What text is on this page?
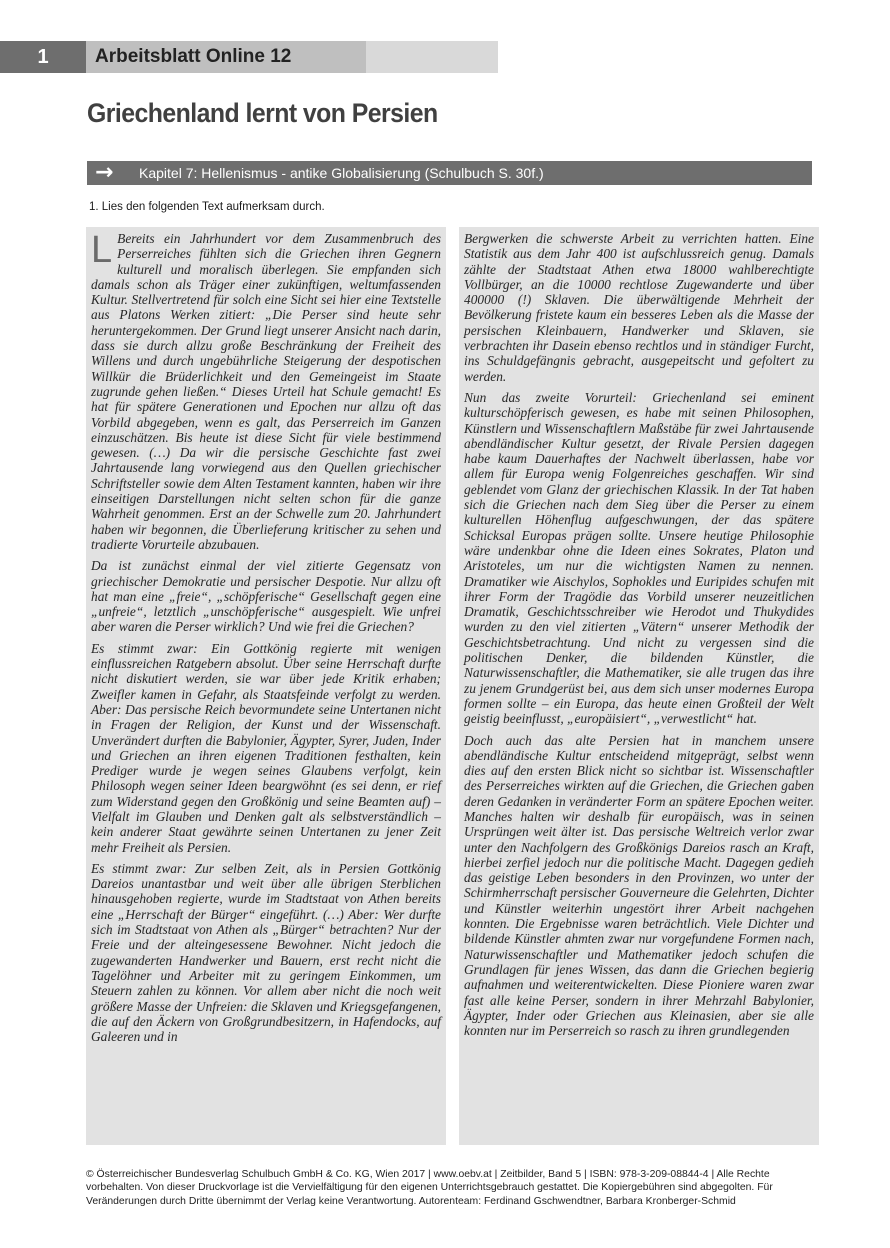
1	Arbeitsblatt Online 12
Griechenland lernt von Persien
→ Kapitel 7: Hellenismus - antike Globalisierung (Schulbuch S. 30f.)
1. Lies den folgenden Text aufmerksam durch.

L Bereits ein Jahrhundert vor dem Zusammenbruch des Perserreiches fühlten sich die Griechen ihren Gegnern kulturell und moralisch überlegen. Sie empfanden sich damals schon als Träger einer zukünftigen, weltumfassenden Kultur. Stellvertretend für solch eine Sicht sei hier eine Textstelle aus Platons Werken zitiert: „Die Perser sind heute sehr heruntergekommen. Der Grund liegt unserer Ansicht nach darin, dass sie durch allzu große Beschränkung der Freiheit des Willens und durch ungebührliche Steigerung der despotischen Willkür die Brüderlichkeit und den Gemeingeist im Staate zugrunde gehen ließen.“ Dieses Urteil hat Schule gemacht! Es hat für spätere Generationen und Epochen nur allzu oft das Vorbild abgegeben, wenn es galt, das Perserreich im Ganzen einzuschätzen. Bis heute ist diese Sicht für viele bestimmend gewesen. (…) Da wir die persische Geschichte fast zwei Jahrtausende lang vorwiegend aus den Quellen griechischer Schriftsteller sowie dem Alten Testament kannten, haben wir ihre einseitigen Darstellungen nicht selten schon für die ganze Wahrheit genommen. Erst an der Schwelle zum 20. Jahrhundert haben wir begonnen, die Überlieferung kritischer zu sehen und tradierte Vorurteile abzubauen.

Da ist zunächst einmal der viel zitierte Gegensatz von griechischer Demokratie und persischer Despotie. Nur allzu oft hat man eine „freie“, „schöpferische“ Gesellschaft gegen eine „unfreie“, letztlich „unschöpferische“ ausgespielt. Wie unfrei aber waren die Perser wirklich? Und wie frei die Griechen?

Es stimmt zwar: Ein Gottkönig regierte mit wenigen einflussreichen Ratgebern absolut. Über seine Herrschaft durfte nicht diskutiert werden, sie war über jede Kritik erhaben; Zweifler kamen in Gefahr, als Staatsfeinde verfolgt zu werden. Aber: Das persische Reich bevormundete seine Untertanen nicht in Fragen der Religion, der Kunst und der Wissenschaft. Unverändert durften die Babylonier, Ägypter, Syrer, Juden, Inder und Griechen an ihren eigenen Traditionen festhalten, kein Prediger wurde je wegen seines Glaubens verfolgt, kein Philosoph wegen seiner Ideen beargwöhnt (es sei denn, er rief zum Widerstand gegen den Großkönig und seine Beamten auf) – Vielfalt im Glauben und Denken galt als selbstverständlich – kein anderer Staat gewährte seinen Untertanen zu jener Zeit mehr Freiheit als Persien.

Es stimmt zwar: Zur selben Zeit, als in Persien Gottkönig Dareios unantastbar und weit über alle übrigen Sterblichen hinausgehoben regierte, wurde im Stadtstaat von Athen bereits eine „Herrschaft der Bürger“ eingeführt. (…) Aber: Wer durfte sich im Stadtstaat von Athen als „Bürger“ betrachten? Nur der Freie und der alteingesessene Bewohner. Nicht jedoch die zugewanderten Handwerker und Bauern, erst recht nicht die Tagelöhner und Arbeiter mit zu geringem Einkommen, um Steuern zahlen zu können. Vor allem aber nicht die noch weit größere Masse der Unfreien: die Sklaven und Kriegsgefangenen, die auf den Äckern von Großgrundbesitzern, in Hafendocks, auf Galeeren und in

Bergwerken die schwerste Arbeit zu verrichten hatten. Eine Statistik aus dem Jahr 400 ist aufschlussreich genug. Damals zählte der Stadtstaat Athen etwa 18000 wahlberechtigte Vollbürger, an die 10000 rechtlose Zugewanderte und über 400000 (!) Sklaven. Die überwältigende Mehrheit der Bevölkerung fristete kaum ein besseres Leben als die Masse der persischen Kleinbauern, Handwerker und Sklaven, sie verbrachten ihr Dasein ebenso rechtlos und in ständiger Furcht, ins Schuldgefängnis gebracht, ausgepeitscht und gefoltert zu werden.

Nun das zweite Vorurteil: Griechenland sei eminent kulturschöpferisch gewesen, es habe mit seinen Philosophen, Künstlern und Wissenschaftlern Maßstäbe für zwei Jahrtausende abendländischer Kultur gesetzt, der Rivale Persien dagegen habe kaum Dauerhaftes der Nachwelt überlassen, habe vor allem für Europa wenig Folgenreiches geschaffen. Wir sind geblendet vom Glanz der griechischen Klassik. In der Tat haben sich die Griechen nach dem Sieg über die Perser zu einem kulturellen Höhenflug aufgeschwungen, der das spätere Schicksal Europas prägen sollte. Unsere heutige Philosophie wäre undenkbar ohne die Ideen eines Sokrates, Platon und Aristoteles, um nur die wichtigsten Namen zu nennen. Dramatiker wie Aischylos, Sophokles und Euripides schufen mit ihrer Form der Tragödie das Vorbild unserer neuzeitlichen Dramatik, Geschichtsschreiber wie Herodot und Thukydides wurden zu den viel zitierten „Vätern“ unserer Methodik der Geschichtsbetrachtung. Und nicht zu vergessen sind die politischen Denker, die bildenden Künstler, die Naturwissenschaftler, die Mathematiker, sie alle trugen das ihre zu jenem Grundgerüst bei, aus dem sich unser modernes Europa formen sollte – ein Europa, das heute einen Großteil der Welt geistig beeinflusst, „europäisiert“, „verwestlicht“ hat.

Doch auch das alte Persien hat in manchem unsere abendländische Kultur entscheidend mitgeprägt, selbst wenn dies auf den ersten Blick nicht so sichtbar ist. Wissenschaftler des Perserreiches wirkten auf die Griechen, die Griechen gaben deren Gedanken in veränderter Form an spätere Epochen weiter. Manches halten wir deshalb für europäisch, was in seinen Ursprüngen weit älter ist. Das persische Weltreich verlor zwar unter den Nachfolgern des Großkönigs Dareios rasch an Kraft, hierbei zerfiel jedoch nur die politische Macht. Dagegen gedieh das geistige Leben besonders in den Provinzen, wo unter der Schirmherrschaft persischer Gouverneure die Gelehrten, Dichter und Künstler weiterhin ungestört ihrer Arbeit nachgehen konnten. Die Ergebnisse waren beträchtlich. Viele Dichter und bildende Künstler ahmten zwar nur vorgefundene Formen nach, Naturwissenschaftler und Mathematiker jedoch schufen die Grundlagen für jenes Wissen, das dann die Griechen begierig aufnahmen und weiterentwickelten. Diese Pioniere waren zwar fast alle keine Perser, sondern in ihrer Mehrzahl Babylonier, Ägypter, Inder oder Griechen aus Kleinasien, aber sie alle konnten nur im Perserreich so rasch zu ihren grundlegenden

© Österreichischer Bundesverlag Schulbuch GmbH & Co. KG, Wien 2017 | www.oebv.at | Zeitbilder, Band 5 | ISBN: 978-3-209-08844-4 | Alle Rechte

vorbehalten. Von dieser Druckvorlage ist die Vervielfältigung für den eigenen Unterrichtsgebrauch gestattet. Die Kopiergebühren sind abgegolten. Für

Veränderungen durch Dritte übernimmt der Verlag keine Verantwortung. Autorenteam: Ferdinand Gschwendtner, Barbara Kronberger-Schmid
